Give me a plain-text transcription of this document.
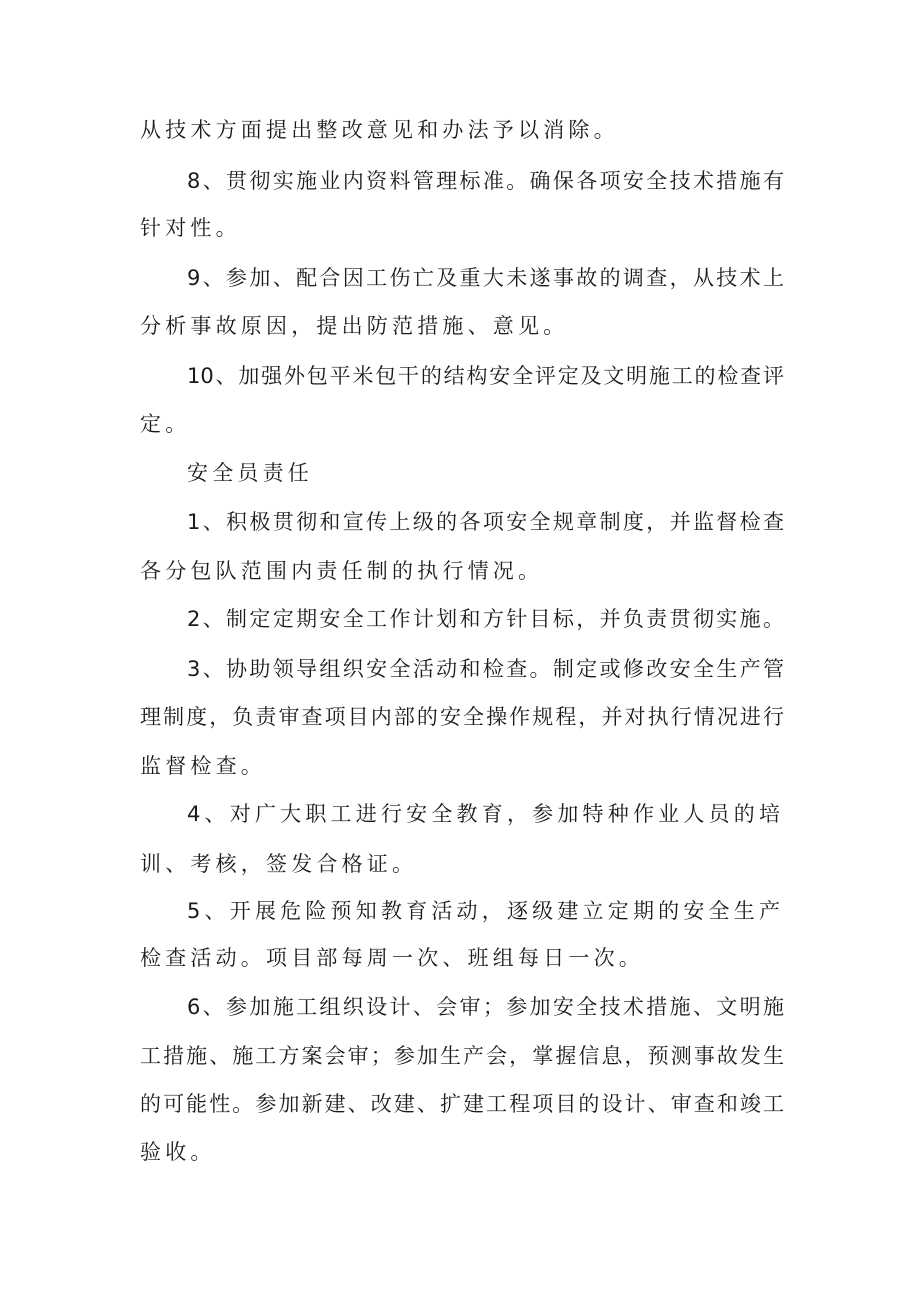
从技术方面提出整改意见和办法予以消除。
8、贯彻实施业内资料管理标准。确保各项安全技术措施有
针对性。
9、参加、配合因工伤亡及重大未遂事故的调查，从技术上
分析事故原因，提出防范措施、意见。
10、加强外包平米包干的结构安全评定及文明施工的检查评
定。
安全员责任
1、积极贯彻和宣传上级的各项安全规章制度，并监督检查
各分包队范围内责任制的执行情况。
2、制定定期安全工作计划和方针目标，并负责贯彻实施。
3、协助领导组织安全活动和检查。制定或修改安全生产管
理制度，负责审查项目内部的安全操作规程，并对执行情况进行
监督检查。
4、对广大职工进行安全教育，参加特种作业人员的培
训、考核，签发合格证。
5、开展危险预知教育活动，逐级建立定期的安全生产
检查活动。项目部每周一次、班组每日一次。
6、参加施工组织设计、会审；参加安全技术措施、文明施
工措施、施工方案会审；参加生产会，掌握信息，预测事故发生
的可能性。参加新建、改建、扩建工程项目的设计、审查和竣工
验收。
